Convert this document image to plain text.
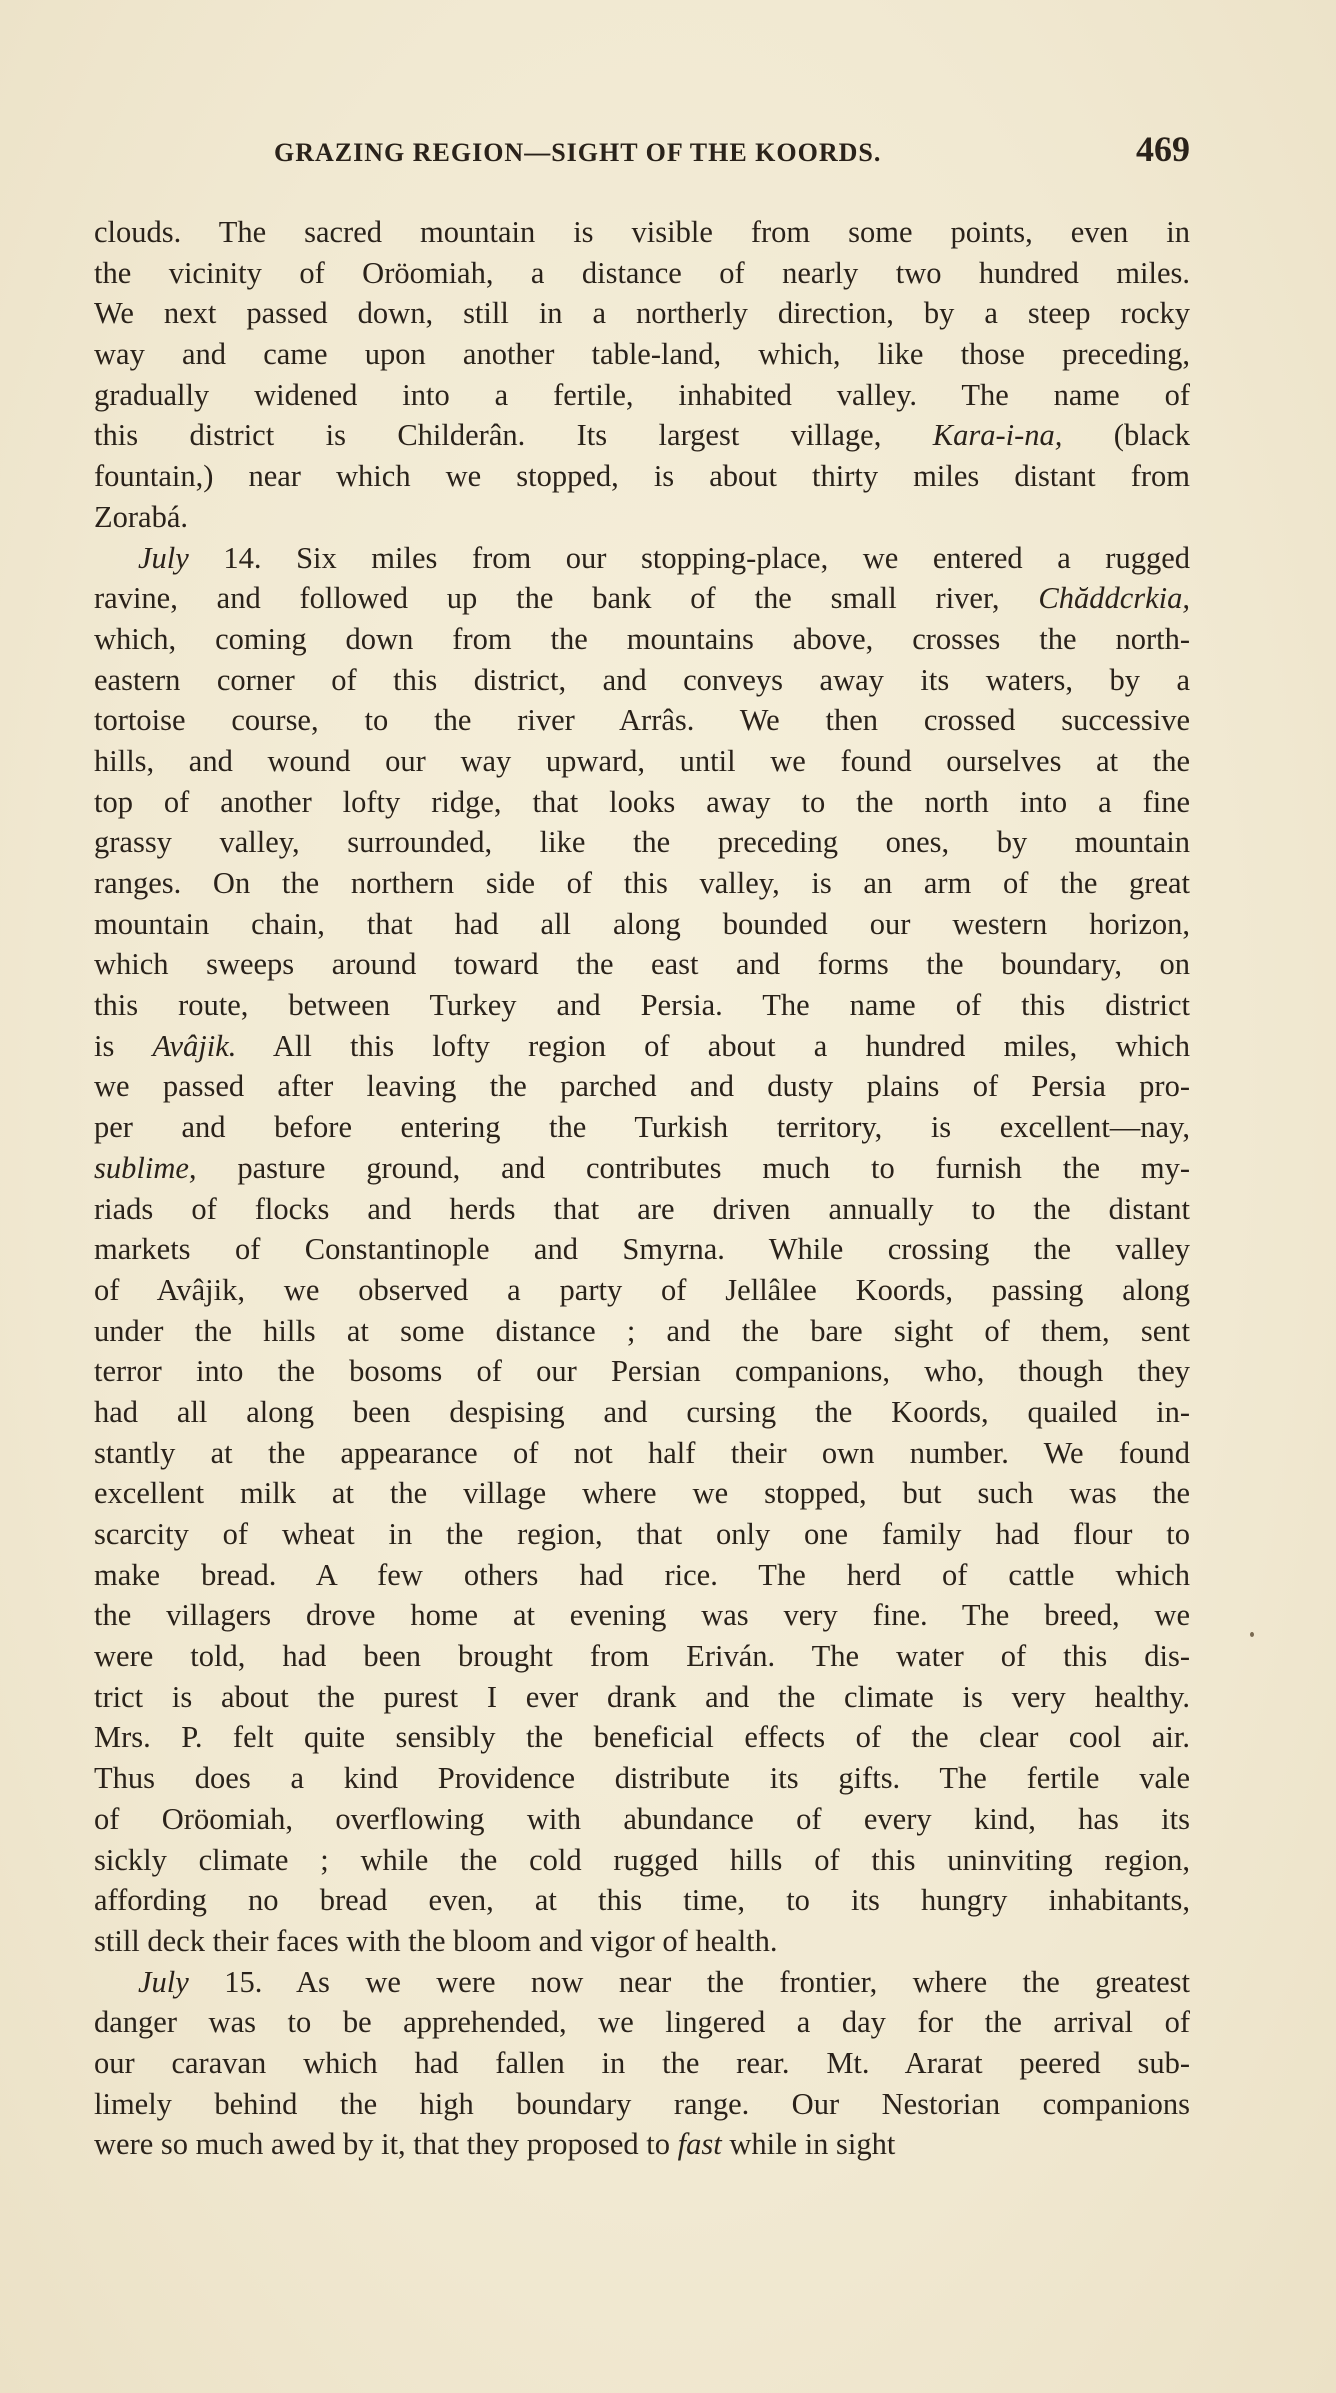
GRAZING REGION—SIGHT OF THE KOORDS.	469
clouds. The sacred mountain is visible from some points, even in
the vicinity of Oröomiah, a distance of nearly two hundred miles.
We next passed down, still in a northerly direction, by a steep rocky
way and came upon another table-land, which, like those preceding,
gradually widened into a fertile, inhabited valley. The name of
this district is Childerân. Its largest village, Kara-i-na, (black
fountain,) near which we stopped, is about thirty miles distant from
Zorabá.
July 14. Six miles from our stopping-place, we entered a rugged
ravine, and followed up the bank of the small river, Chăddcrkia,
which, coming down from the mountains above, crosses the north-
eastern corner of this district, and conveys away its waters, by a
tortoise course, to the river Arrâs. We then crossed successive
hills, and wound our way upward, until we found ourselves at the
top of another lofty ridge, that looks away to the north into a fine
grassy valley, surrounded, like the preceding ones, by mountain
ranges. On the northern side of this valley, is an arm of the great
mountain chain, that had all along bounded our western horizon,
which sweeps around toward the east and forms the boundary, on
this route, between Turkey and Persia. The name of this district
is Avâjik. All this lofty region of about a hundred miles, which
we passed after leaving the parched and dusty plains of Persia pro-
per and before entering the Turkish territory, is excellent—nay,
sublime, pasture ground, and contributes much to furnish the my-
riads of flocks and herds that are driven annually to the distant
markets of Constantinople and Smyrna. While crossing the valley
of Avâjik, we observed a party of Jellâlee Koords, passing along
under the hills at some distance ; and the bare sight of them, sent
terror into the bosoms of our Persian companions, who, though they
had all along been despising and cursing the Koords, quailed in-
stantly at the appearance of not half their own number. We found
excellent milk at the village where we stopped, but such was the
scarcity of wheat in the region, that only one family had flour to
make bread. A few others had rice. The herd of cattle which
the villagers drove home at evening was very fine. The breed, we
were told, had been brought from Eriván. The water of this dis-
trict is about the purest I ever drank and the climate is very healthy.
Mrs. P. felt quite sensibly the beneficial effects of the clear cool air.
Thus does a kind Providence distribute its gifts. The fertile vale
of Oröomiah, overflowing with abundance of every kind, has its
sickly climate ; while the cold rugged hills of this uninviting region,
affording no bread even, at this time, to its hungry inhabitants,
still deck their faces with the bloom and vigor of health.
July 15. As we were now near the frontier, where the greatest
danger was to be apprehended, we lingered a day for the arrival of
our caravan which had fallen in the rear. Mt. Ararat peered sub-
limely behind the high boundary range. Our Nestorian companions
were so much awed by it, that they proposed to fast while in sight
